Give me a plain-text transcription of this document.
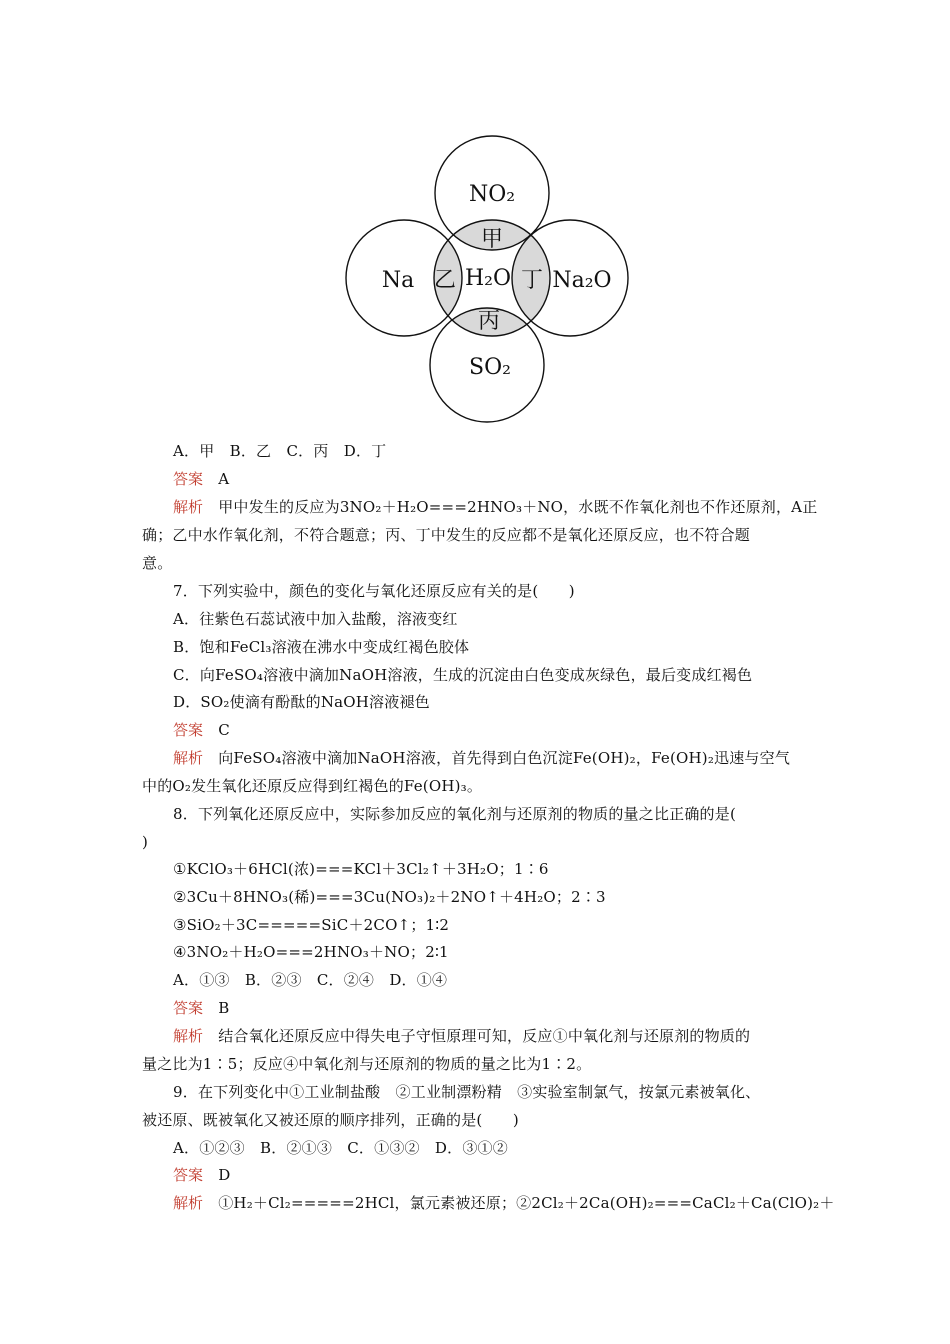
NO₂
Na	Na₂O
SO₂
H₂O
甲
乙	丁
丙
A．甲　B．乙　C．丙　D．丁
答案　A
解析　甲中发生的反应为3NO₂＋H₂O===2HNO₃＋NO，水既不作氧化剂也不作还原剂，A正
确；乙中水作氧化剂，不符合题意；丙、丁中发生的反应都不是氧化还原反应，也不符合题
意。
7．下列实验中，颜色的变化与氧化还原反应有关的是(　　)
A．往紫色石蕊试液中加入盐酸，溶液变红
B．饱和FeCl₃溶液在沸水中变成红褐色胶体
C．向FeSO₄溶液中滴加NaOH溶液，生成的沉淀由白色变成灰绿色，最后变成红褐色
D．SO₂使滴有酚酞的NaOH溶液褪色
答案　C
解析　向FeSO₄溶液中滴加NaOH溶液，首先得到白色沉淀Fe(OH)₂，Fe(OH)₂迅速与空气
中的O₂发生氧化还原反应得到红褐色的Fe(OH)₃。
8．下列氧化还原反应中，实际参加反应的氧化剂与还原剂的物质的量之比正确的是(
)
①KClO₃＋6HCl(浓)===KCl＋3Cl₂↑＋3H₂O；1∶6
②3Cu＋8HNO₃(稀)===3Cu(NO₃)₂＋2NO↑＋4H₂O；2∶3
③SiO₂＋3C=====SiC＋2CO↑；1∶2
④3NO₂＋H₂O===2HNO₃＋NO；2∶1
A．①③　B．②③　C．②④　D．①④
答案　B
解析　结合氧化还原反应中得失电子守恒原理可知，反应①中氧化剂与还原剂的物质的
量之比为1∶5；反应④中氧化剂与还原剂的物质的量之比为1∶2。
9．在下列变化中①工业制盐酸　②工业制漂粉精　③实验室制氯气，按氯元素被氧化、
被还原、既被氧化又被还原的顺序排列，正确的是(　　)
A．①②③　B．②①③　C．①③②　D．③①②
答案　D
解析　①H₂＋Cl₂=====2HCl，氯元素被还原；②2Cl₂＋2Ca(OH)₂===CaCl₂＋Ca(ClO)₂＋
